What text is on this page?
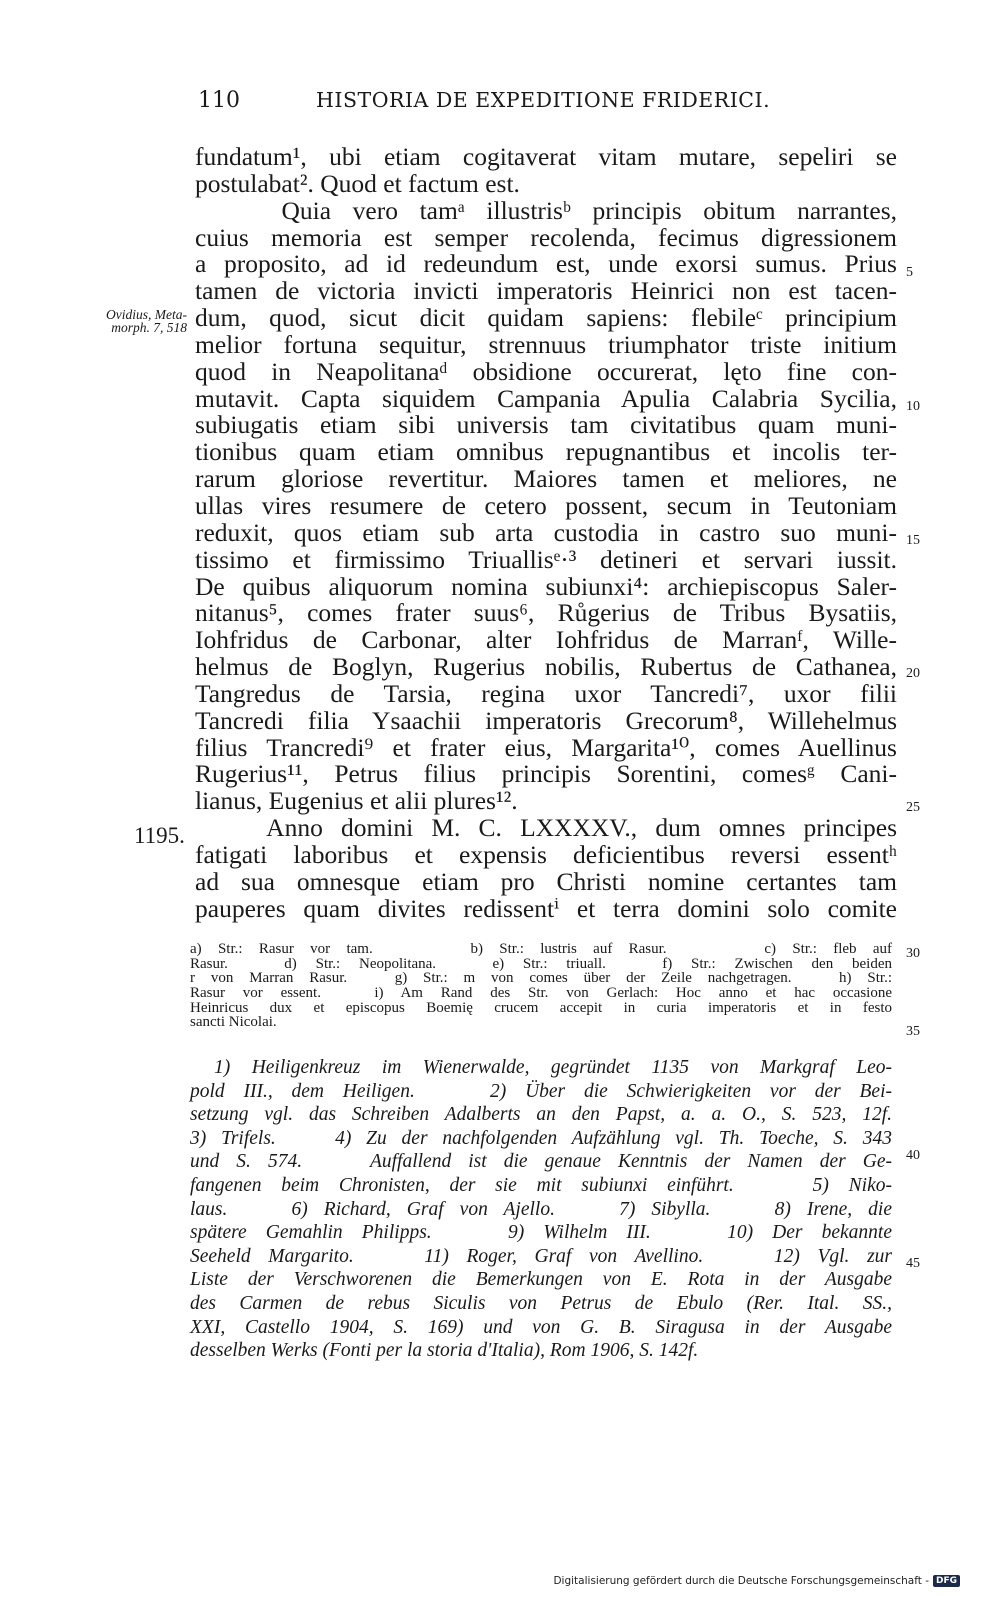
110	HISTORIA DE EXPEDITIONE FRIDERICI.
fundatum¹, ubi etiam cogitaverat vitam mutare, sepeliri se
postulabat². Quod et factum est.
Quia vero tamᵃ illustrisᵇ principis obitum narrantes,
cuius memoria est semper recolenda, fecimus digressionem
a proposito, ad id redeundum est, unde exorsi sumus. Prius
tamen de victoria invicti imperatoris Heinrici non est tacen-
dum, quod, sicut dicit quidam sapiens: flebileᶜ principium
melior fortuna sequitur, strennuus triumphator triste initium
quod in Neapolitanaᵈ obsidione occurerat, lęto fine con-
mutavit. Capta siquidem Campania Apulia Calabria Sycilia,
subiugatis etiam sibi universis tam civitatibus quam muni-
tionibus quam etiam omnibus repugnantibus et incolis ter-
rarum gloriose revertitur. Maiores tamen et meliores, ne
ullas vires resumere de cetero possent, secum in Teutoniam
reduxit, quos etiam sub arta custodia in castro suo muni-
tissimo et firmissimo Triuallisᵉ·³ detineri et servari iussit.
De quibus aliquorum nomina subiunxi⁴: archiepiscopus Saler-
nitanus⁵, comes frater suus⁶, Růgerius de Tribus Bysatiis,
Iohfridus de Carbonar, alter Iohfridus de Marranᶠ, Wille-
helmus de Boglyn, Rugerius nobilis, Rubertus de Cathanea,
Tangredus de Tarsia, regina uxor Tancredi⁷, uxor filii
Tancredi filia Ysaachii imperatoris Grecorum⁸, Willehelmus
filius Trancredi⁹ et frater eius, Margarita¹⁰, comes Auellinus
Rugerius¹¹, Petrus filius principis Sorentini, comesᵍ Cani-
lianus, Eugenius et alii plures¹².
Anno domini M. C. LXXXXV., dum omnes principes
fatigati laboribus et expensis deficientibus reversi essentʰ
ad sua omnesque etiam pro Christi nomine certantes tam
pauperes quam divites redissentⁱ et terra domini solo comite
Ovidius, Meta-
morph. 7, 518
1195.
5
10
15
20
25
30
35
40
45
a) Str.: Rasur vor tam.      b) Str.: lustris auf Rasur.      c) Str.: fleb auf
Rasur.   d) Str.: Neopolitana.   e) Str.: triuall.   f) Str.: Zwischen den beiden
r von Marran Rasur.   g) Str.: m von comes über der Zeile nachgetragen.   h) Str.:
Rasur vor essent.   i) Am Rand des Str. von Gerlach: Hoc anno et hac occasione
Heinricus dux et episcopus Boemię crucem accepit in curia imperatoris et in festo
sancti Nicolai.
1) Heiligenkreuz im Wienerwalde, gegründet 1135 von Markgraf Leo-
pold III., dem Heiligen.    2) Über die Schwierigkeiten vor der Bei-
setzung vgl. das Schreiben Adalberts an den Papst, a. a. O., S. 523, 12f.
3) Trifels.    4) Zu der nachfolgenden Aufzählung vgl. Th. Toeche, S. 343
und S. 574.    Auffallend ist die genaue Kenntnis der Namen der Ge-
fangenen beim Chronisten, der sie mit subiunxi einführt.    5) Niko-
laus.    6) Richard, Graf von Ajello.    7) Sibylla.    8) Irene, die
spätere Gemahlin Philipps.    9) Wilhelm III.    10) Der bekannte
Seeheld Margarito.    11) Roger, Graf von Avellino.    12) Vgl. zur
Liste der Verschworenen die Bemerkungen von E. Rota in der Ausgabe
des Carmen de rebus Siculis von Petrus de Ebulo (Rer. Ital. SS.,
XXI, Castello 1904, S. 169) und von G. B. Siragusa in der Ausgabe
desselben Werks (Fonti per la storia d'Italia), Rom 1906, S. 142f.
Digitalisierung gefördert durch die Deutsche Forschungsgemeinschaft - DFG
